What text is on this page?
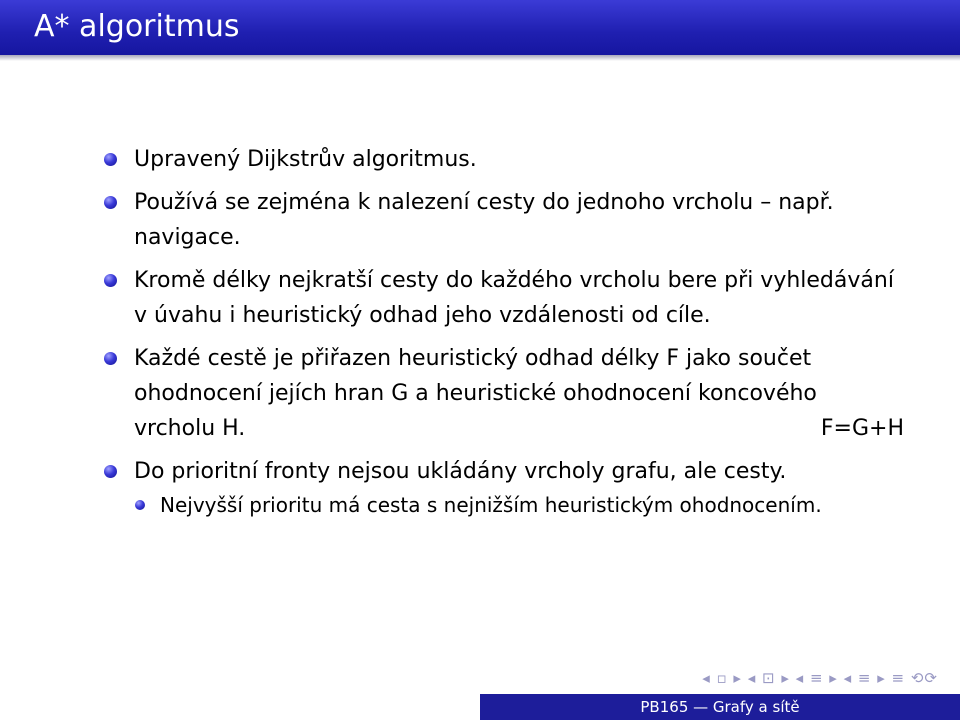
A* algoritmus
Upravený Dijkstrův algoritmus.
Používá se zejména k nalezení cesty do jednoho vrcholu – např. navigace.
Kromě délky nejkratší cesty do každého vrcholu bere při vyhledávání v úvahu i heuristický odhad jeho vzdálenosti od cíle.
Každé cestě je přiřazen heuristický odhad délky F jako součet ohodnocení jejích hran G a heuristické ohodnocení koncového
vrcholu H.	F=G+H
Do prioritní fronty nejsou ukládány vrcholy grafu, ale cesty.
Nejvyšší prioritu má cesta s nejnižším heuristickým ohodnocením.
◂ ▫ ▸ ◂ ⊡ ▸ ◂ ≡ ▸ ◂ ≡ ▸ ≡ ⟲⟳
PB165 — Grafy a sítě
